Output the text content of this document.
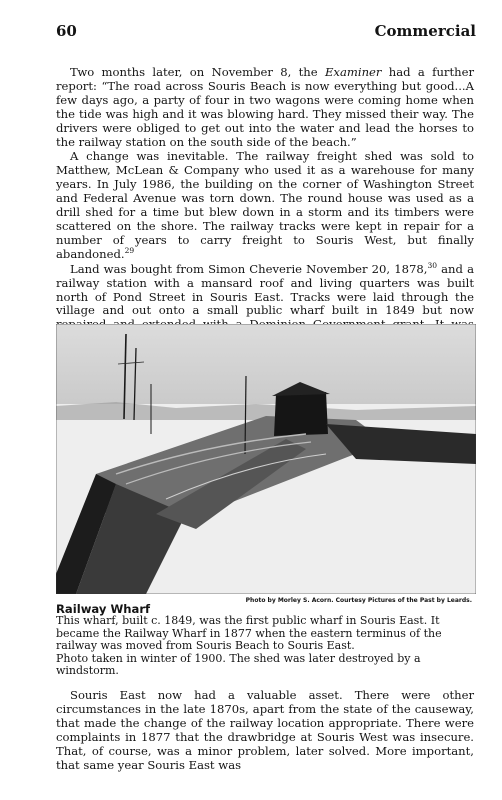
60	Commercial

Two months later, on November 8, the Examiner had a further report: “The road across Souris Beach is now everything but good...A few days ago, a party of four in two wagons were coming home when the tide was high and it was blowing hard. They missed their way. The drivers were obliged to get out into the water and lead the horses to the railway station on the south side of the beach.”

A change was inevitable. The railway freight shed was sold to Matthew, McLean & Company who used it as a warehouse for many years. In July 1986, the building on the corner of Washington Street and Federal Avenue was torn down. The round house was used as a drill shed for a time but blew down in a storm and its timbers were scattered on the shore. The railway tracks were kept in repair for a number of years to carry freight to Souris West, but finally abandoned.$^{29}$

Land was bought from Simon Cheverie November 20, 1878,30 and a railway station with a mansard roof and living quarters was built north of Pond Street in Souris East. Tracks were laid through the village and out onto a small public wharf built in 1849 but now

Photo by Morley S. Acorn. Courtesy Pictures of the Past by Leards.

Railway Wharf

This wharf, built c. 1849, was the first public wharf in Souris East. It became the Railway Wharf in 1877 when the eastern terminus of the railway was moved from Souris Beach to Souris East.

Photo taken in winter of 1900. The shed was later destroyed by a windstorm.

Souris East now had a valuable asset. There were other circumstances in the late 1870s, apart from the state of the causeway, that made the change of the railway location appropriate. There were complaints in 1877 that the drawbridge at Souris West was insecure. That, of course, was a minor problem, later solved. More important, that same year Souris East was
